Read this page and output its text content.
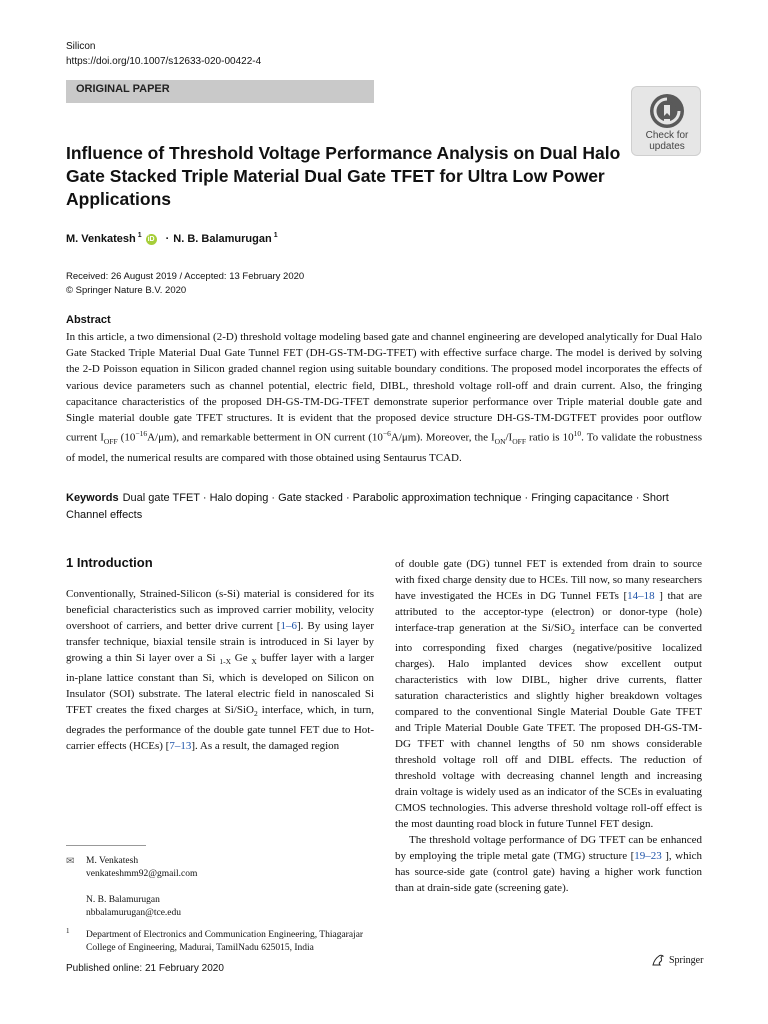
Silicon
https://doi.org/10.1007/s12633-020-00422-4
ORIGINAL PAPER
Check for updates
Influence of Threshold Voltage Performance Analysis on Dual Halo Gate Stacked Triple Material Dual Gate TFET for Ultra Low Power Applications
M. Venkatesh $^1$
iD · N. B. Balamurugan $^1$
Received: 26 August 2019 / Accepted: 13 February 2020
© Springer Nature B.V. 2020
Abstract
In this article, a two dimensional (2-D) threshold voltage modeling based gate and channel engineering are developed analytically for Dual Halo Gate Stacked Triple Material Dual Gate Tunnel FET (DH-GS-TM-DG-TFET) with effective surface charge. The model is derived by solving the 2-D Poisson equation in Silicon graded channel region using suitable boundary conditions. The proposed model incorporates the effects of various device parameters such as channel potential, electric field, DIBL, threshold voltage roll-off and drain current. Also, the fringing capacitance characteristics of the proposed DH-GS-TM-DG-TFET demonstrate superior performance over Triple material double gate and Single material double gate TFET structures. It is evident that the proposed device structure DH-GS-TM-DGTFET provides poor outflow current $I_{OFF}$ $(10^{-16}A/\mu m)$, and remarkable betterment in ON current $(10^{-6}A/\mu m)$. Moreover, the $I_{ON}/I_{OFF}$ ratio is $10^{10}$. To validate the robustness of model, the numerical results are compared with those obtained using Sentaurus TCAD.
Keywords Dual gate TFET · Halo doping · Gate stacked · Parabolic approximation technique · Fringing capacitance · Short Channel effects
1 Introduction
Conventionally, Strained-Silicon (s-Si) material is considered for its beneficial characteristics such as improved carrier mobility, velocity overshoot of carriers, and better drive current [1–6]. By using layer transfer technique, biaxial tensile strain is introduced in Si layer by growing a thin Si layer over a Si $_{1-X}$ Ge $_X$ buffer layer with a larger in-plane lattice constant than Si, which is developed on Silicon on Insulator (SOI) substrate. The lateral electric field in nanoscaled Si TFET creates the fixed charges at Si/SiO$_2$ interface, which, in turn, degrades the performance of the double gate tunnel FET due to Hot-carrier effects (HCEs) [7–13]. As a result, the damaged region

of double gate (DG) tunnel FET is extended from drain to source with fixed charge density due to HCEs. Till now, so many researchers have investigated the HCEs in DG Tunnel FETs [14–18 ] that are attributed to the acceptor-type (electron) or donor-type (hole) interface-trap generation at the Si/SiO$_2$ interface can be converted into corresponding fixed charges (negative/positive localized charges). Halo implanted devices show excellent output characteristics with low DIBL, higher drive currents, flatter saturation characteristics and slightly higher breakdown voltages compared to the conventional Single Material Double Gate TFET and Triple Material Double Gate TFET. The proposed DH-GS-TM-DG TFET with channel lengths of 50 nm shows considerable threshold voltage roll off and DIBL effects. The reduction of threshold voltage with decreasing channel length and increasing drain voltage is widely used as an indicator of the SCEs in evaluating CMOS technologies. This adverse threshold voltage roll-off effect is the most daunting road block in future Tunnel FET design.

The threshold voltage performance of DG TFET can be enhanced by employing the triple metal gate (TMG) structure [19–23 ], which has source-side gate (control gate) having a higher work function than at drain-side gate (screening gate).

✉ M. Venkatesh
venkateshmm92@gmail.com
N. B. Balamurugan
nbbalamurugan@tce.edu
1 Department of Electronics and Communication Engineering, Thiagarajar College of Engineering, Madurai, TamilNadu 625015, India
Published online: 21 February 2020
Springer
